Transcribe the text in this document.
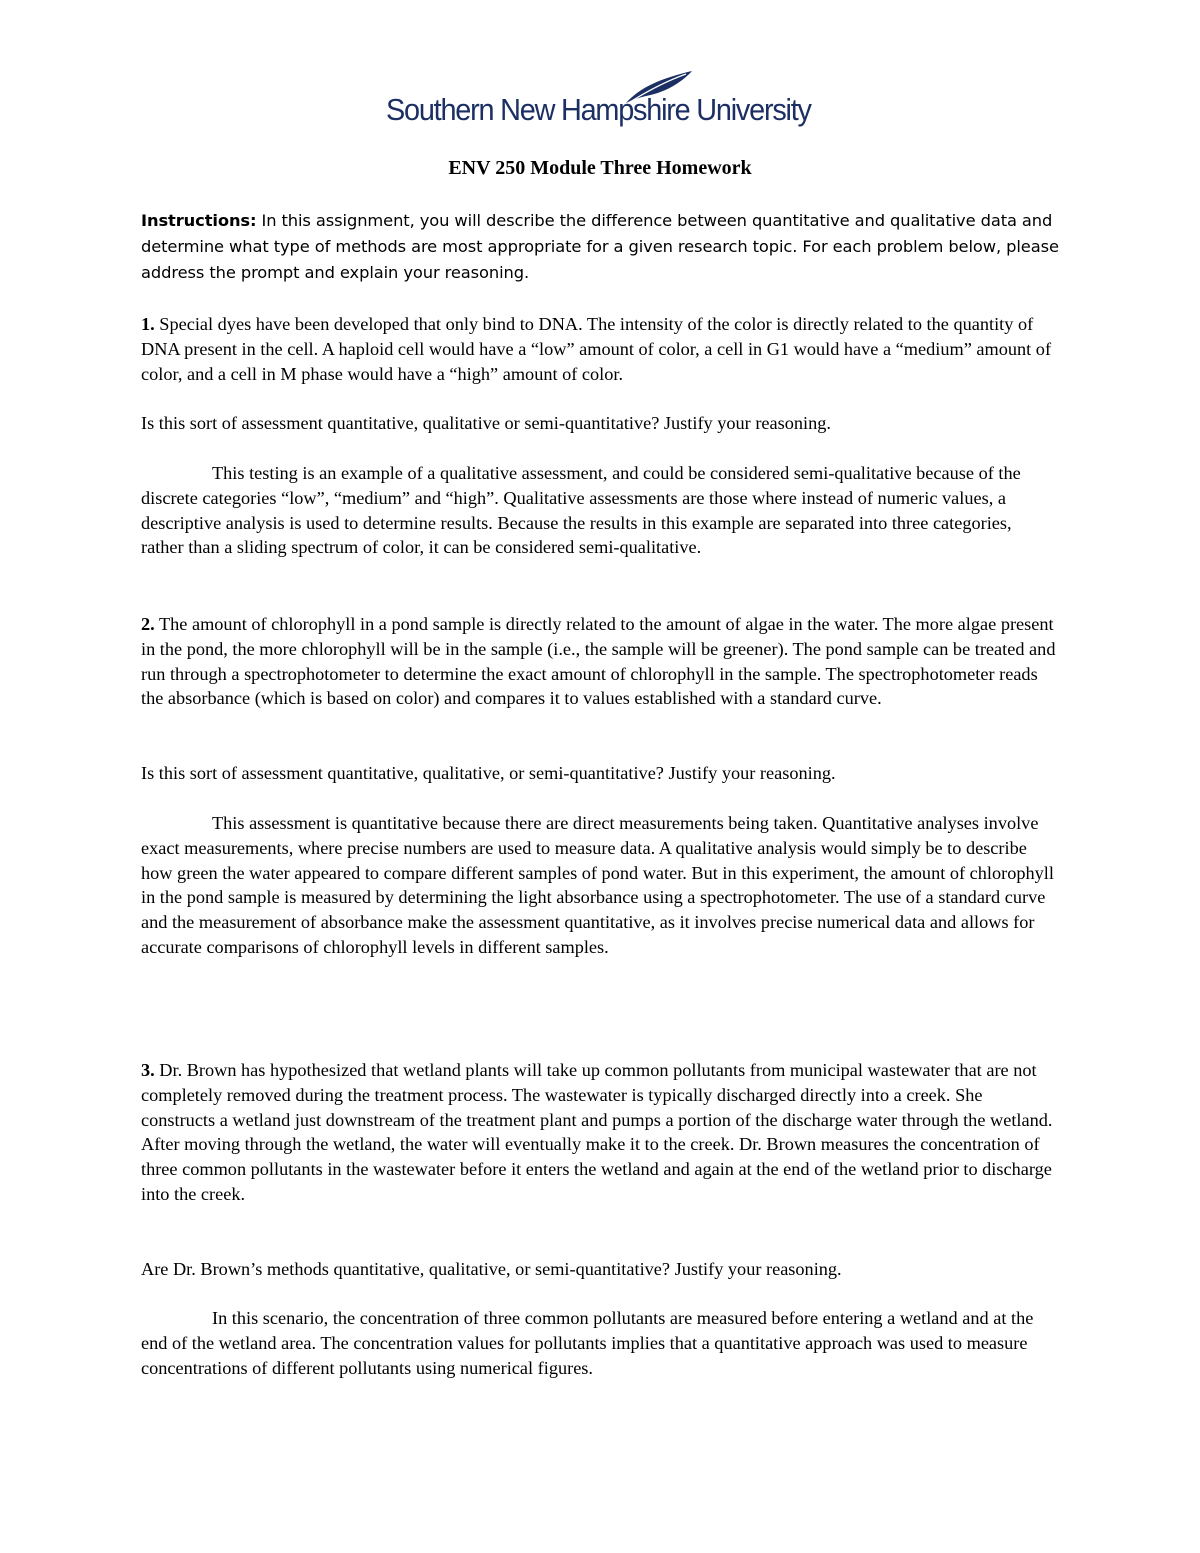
Southern New Hampshire University
ENV 250 Module Three Homework
Instructions: In this assignment, you will describe the difference between quantitative and qualitative data and determine what type of methods are most appropriate for a given research topic. For each problem below, please address the prompt and explain your reasoning.
1. Special dyes have been developed that only bind to DNA. The intensity of the color is directly related to the quantity of DNA present in the cell. A haploid cell would have a “low” amount of color, a cell in G1 would have a “medium” amount of color, and a cell in M phase would have a “high” amount of color.
Is this sort of assessment quantitative, qualitative or semi-quantitative? Justify your reasoning.
This testing is an example of a qualitative assessment, and could be considered semi-qualitative because of the discrete categories “low”, “medium” and “high”. Qualitative assessments are those where instead of numeric values, a descriptive analysis is used to determine results. Because the results in this example are separated into three categories, rather than a sliding spectrum of color, it can be considered semi-qualitative.
2. The amount of chlorophyll in a pond sample is directly related to the amount of algae in the water. The more algae present in the pond, the more chlorophyll will be in the sample (i.e., the sample will be greener). The pond sample can be treated and run through a spectrophotometer to determine the exact amount of chlorophyll in the sample. The spectrophotometer reads the absorbance (which is based on color) and compares it to values established with a standard curve.
Is this sort of assessment quantitative, qualitative, or semi-quantitative? Justify your reasoning.
This assessment is quantitative because there are direct measurements being taken. Quantitative analyses involve exact measurements, where precise numbers are used to measure data. A qualitative analysis would simply be to describe how green the water appeared to compare different samples of pond water. But in this experiment, the amount of chlorophyll in the pond sample is measured by determining the light absorbance using a spectrophotometer. The use of a standard curve and the measurement of absorbance make the assessment quantitative, as it involves precise numerical data and allows for accurate comparisons of chlorophyll levels in different samples.
3. Dr. Brown has hypothesized that wetland plants will take up common pollutants from municipal wastewater that are not completely removed during the treatment process. The wastewater is typically discharged directly into a creek. She constructs a wetland just downstream of the treatment plant and pumps a portion of the discharge water through the wetland. After moving through the wetland, the water will eventually make it to the creek. Dr. Brown measures the concentration of three common pollutants in the wastewater before it enters the wetland and again at the end of the wetland prior to discharge into the creek.
Are Dr. Brown’s methods quantitative, qualitative, or semi-quantitative? Justify your reasoning.
In this scenario, the concentration of three common pollutants are measured before entering a wetland and at the end of the wetland area. The concentration values for pollutants implies that a quantitative approach was used to measure concentrations of different pollutants using numerical figures.
